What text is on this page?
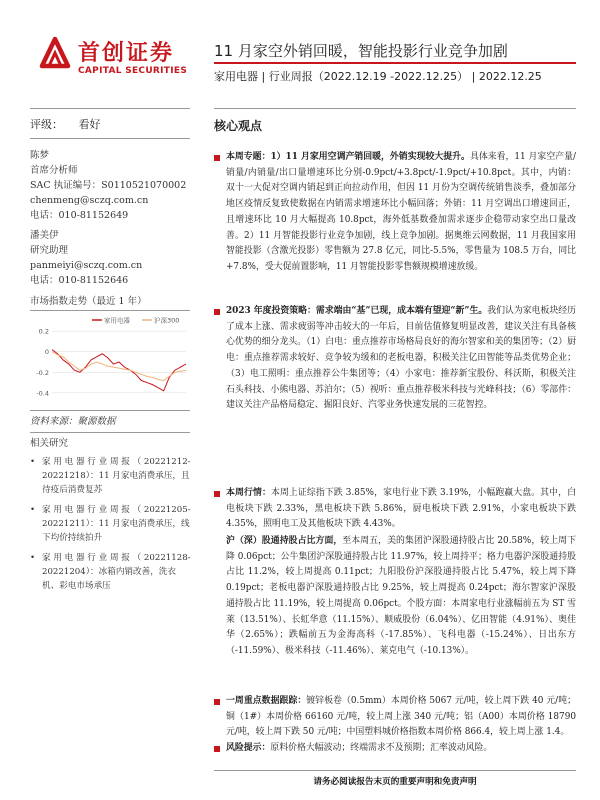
首创证券
CAPITAL SECURITIES
11 月家空外销回暖，智能投影行业竞争加剧
家用电器 | 行业周报（2022.12.19 -2022.12.25） | 2022.12.25
评级： 看好
陈梦
首席分析师
SAC 执证编号：S0110521070002
chenmeng@sczq.com.cn
电话：010-81152649
潘美伊
研究助理
panmeiyi@sczq.com.cn
电话：010-81152646
市场指数走势（最近 1 年）
0.2
0
-0.2
-0.4
家用电器	沪深300
资料来源：聚源数据
相关研究
• 家 用 电 器 行 业 周 报 （ 20221212-20221218）：11 月家电消费承压，且待疫后消费复苏
• 家 用 电 器 行 业 周 报 （ 20221205-20221211）：11 月家电消费承压，线下均价持续拍升
• 家 用 电 器 行 业 周 报 （ 20221128-20221204）：冰箱内销改善，洗衣机、彩电市场承压
核心观点
本周专题：1）11 月家用空调产销回暖，外销实现较大提升。具体来看，11 月家空产量/销量/内销量/出口量增速环比分别-0.9pct/+3.8pct/-1.9pct/+10.8pct。其中，内销：双十一大促对空调内销起到正向拉动作用，但因 11 月份为空调传统销售淡季，叠加部分地区疫情反复致使数据在内销需求增速环比小幅回落；外销：11 月空调出口增速回正，且增速环比 10 月大幅提高 10.8pct，海外低基数叠加需求逐步企稳带动家空出口量改善。2）11 月智能投影行业竞争加剧，线上竞争加剧。据奥维云网数据，11 月我国家用智能投影（含激光投影）零售额为 27.8 亿元，同比-5.5%，零售量为 108.5 万台，同比+7.8%，受大促前置影响，11 月智能投影零售额规模增速放缓。
2023 年度投资策略：需求端由“基”已现，成本端有望迎“新”生。我们认为家电板块经历了成本上涨、需求疲弱等冲击较大的一年后，目前估值修复明显改善，建议关注有具备核心优势的细分龙头。（1）白电：重点推荐市场格局良好的海尔智家和美的集团等；（2）厨电：重点推荐需求较好、竞争较为缓和的老板电器，积极关注亿田智能等品类优势企业；（3）电工照明：重点推荐公牛集团等；（4）小家电：推荐新宝股份、科沃斯，积极关注石头科技、小熊电器、苏泊尔；（5）视听：重点推荐极米科技与光峰科技；（6）零部件：建议关注产品格局稳定、掘阳良好、汽零业务快速发展的三花智控。
本周行情：本周上证综指下跌 3.85%，家电行业下跌 3.19%，小幅跑赢大盘。其中，白电板块下跌 2.33%，黑电板块下跌 5.86%，厨电板块下跌 2.91%，小家电板块下跌 4.35%，照明电工及其他板块下跌 4.43%。
沪（深）股通持股占比方面，至本周五，美的集团沪深股通持股占比 20.58%，较上周下降 0.06pct；公牛集团沪深股通持股占比 11.97%，较上周持平；格力电器沪深股通持股占比 11.2%，较上周提高 0.11pct；九阳股份沪深股通持股占比 5.47%，较上周下降 0.19pct；老板电器沪深股通持股占比 9.25%，较上周提高 0.24pct；海尔智家沪深股通持股占比 11.19%，较上周提高 0.06pct。个股方面：本周家电行业涨幅前五为 ST 雪莱（13.51%）、长虹华意（11.15%）、顺威股份（6.04%）、亿田智能（4.91%）、奥佳华（2.65%）；跌幅前五为金海高科（-17.85%）、飞科电器（-15.24%）、日出东方（-11.59%）、极米科技（-11.46%）、莱克电气（-10.13%）。
一周重点数据跟踪：镀锌板卷（0.5mm）本周价格 5067 元/吨，较上周下跌 40 元/吨；铜（1#）本周价格 66160 元/吨，较上周上涨 340 元/吨；铝（A00）本周价格 18790 元/吨，较上周下跌 50 元/吨；中国塑料城价格指数本周价格 866.4，较上周上涨 1.4。
风险提示：原料价格大幅波动；终端需求不及预期；汇率波动风险。
请务必阅读报告末页的重要声明和免责声明
